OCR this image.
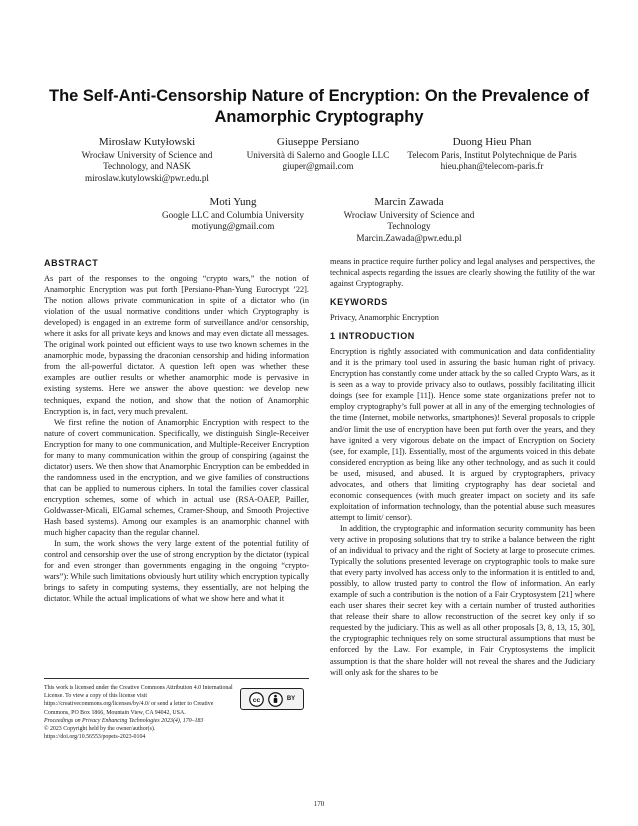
The Self-Anti-Censorship Nature of Encryption: On the Prevalence of Anamorphic Cryptography
Mirosław Kutyłowski
Wrocław University of Science and Technology, and NASK
miroslaw.kutylowski@pwr.edu.pl
Giuseppe Persiano
Università di Salerno and Google LLC
giuper@gmail.com
Duong Hieu Phan
Telecom Paris, Institut Polytechnique de Paris
hieu.phan@telecom-paris.fr
Moti Yung
Google LLC and Columbia University
motiyung@gmail.com
Marcin Zawada
Wrocław University of Science and Technology
Marcin.Zawada@pwr.edu.pl
ABSTRACT

As part of the responses to the ongoing “crypto wars,” the notion of Anamorphic Encryption was put forth [Persiano-Phan-Yung Eurocrypt ’22]. The notion allows private communication in spite of a dictator who (in violation of the usual normative conditions under which Cryptography is developed) is engaged in an extreme form of surveillance and/or censorship, where it asks for all private keys and knows and may even dictate all messages. The original work pointed out efficient ways to use two known schemes in the anamorphic mode, bypassing the draconian censorship and hiding information from the all-powerful dictator. A question left open was whether these examples are outlier results or whether anamorphic mode is pervasive in existing systems. Here we answer the above question: we develop new techniques, expand the notion, and show that the notion of Anamorphic Encryption is, in fact, very much prevalent.

We first refine the notion of Anamorphic Encryption with respect to the nature of covert communication. Specifically, we distinguish Single-Receiver Encryption for many to one communication, and Multiple-Receiver Encryption for many to many communication within the group of conspiring (against the dictator) users. We then show that Anamorphic Encryption can be embedded in the randomness used in the encryption, and we give families of constructions that can be applied to numerous ciphers. In total the families cover classical encryption schemes, some of which in actual use (RSA-OAEP, Pailler, Goldwasser-Micali, ElGamal schemes, Cramer-Shoup, and Smooth Projective Hash based systems). Among our examples is an anamorphic channel with much higher capacity than the regular channel.

In sum, the work shows the very large extent of the potential futility of control and censorship over the use of strong encryption by the dictator (typical for and even stronger than governments engaging in the ongoing “crypto-wars”): While such limitations obviously hurt utility which encryption typically brings to safety in computing systems, they essentially, are not helping the dictator. While the actual implications of what we show here and what it

This work is licensed under the Creative Commons Attribution 4.0 International License. To view a copy of this license visit https://creativecommons.org/licenses/by/4.0/ or send a letter to Creative Commons, PO Box 1866, Mountain View, CA 94042, USA.
cc	BY
Proceedings on Privacy Enhancing Technologies 2023(4), 170–183
© 2023 Copyright held by the owner/author(s).
https://doi.org/10.56553/popets-2023-0104

means in practice require further policy and legal analyses and perspectives, the technical aspects regarding the issues are clearly showing the futility of the war against Cryptography.

KEYWORDS

Privacy, Anamorphic Encryption

1 INTRODUCTION

Encryption is rightly associated with communication and data confidentiality and it is the primary tool used in assuring the basic human right of privacy. Encryption has constantly come under attack by the so called Crypto Wars, as it is seen as a way to provide privacy also to outlaws, possibly facilitating illicit doings (see for example [11]). Hence some state organizations prefer not to employ cryptography’s full power at all in any of the emerging technologies of the time (Internet, mobile networks, smartphones)! Several proposals to cripple and/or limit the use of encryption have been put forth over the years, and they have ignited a very vigorous debate on the impact of Encryption on Society (see, for example, [1]). Essentially, most of the arguments voiced in this debate considered encryption as being like any other technology, and as such it could be used, misused, and abused. It is argued by cryptographers, privacy advocates, and others that limiting cryptography has dear societal and economic consequences (with much greater impact on society and its safe exploitation of information technology, than the potential abuse such measures attempt to limit/ censor).

In addition, the cryptographic and information security community has been very active in proposing solutions that try to strike a balance between the right of an individual to privacy and the right of Society at large to prosecute crimes. Typically the solutions presented leverage on cryptographic tools to make sure that every party involved has access only to the information it is entitled to and, possibly, to allow trusted party to control the flow of information. An early example of such a contribution is the notion of a Fair Cryptosystem [21] where each user shares their secret key with a certain number of trusted authorities that release their share to allow reconstruction of the secret key only if so requested by the judiciary. This as well as all other proposals [3, 8, 13, 15, 30], the cryptographic techniques rely on some structural assumptions that must be enforced by the Law. For example, in Fair Cryptosystems the implicit assumption is that the share holder will not reveal the shares and the Judiciary will only ask for the shares to be

170
